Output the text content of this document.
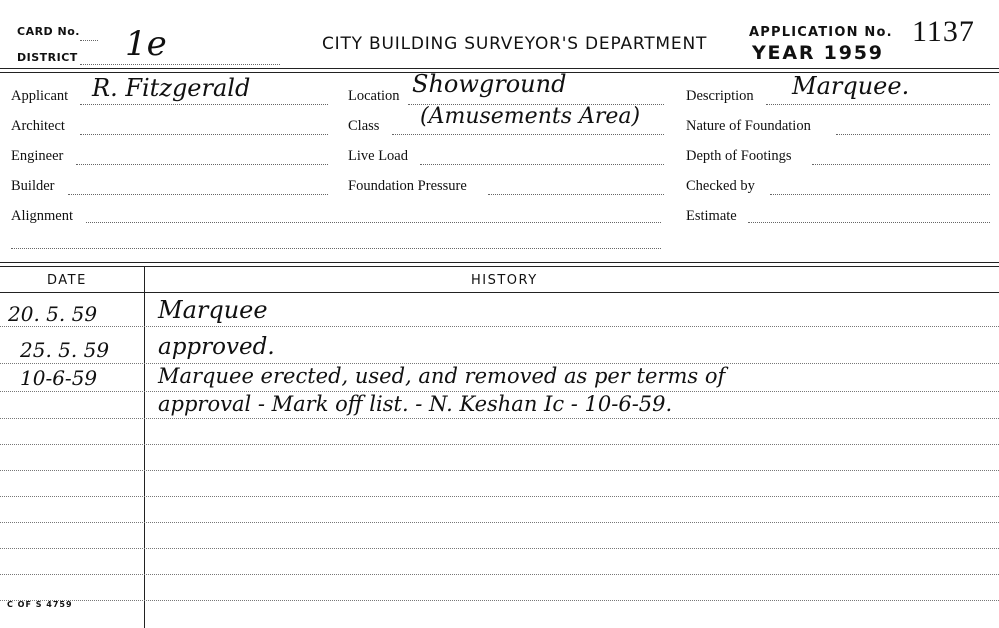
CARD No.
DISTRICT 1e	CITY BUILDING SURVEYOR'S DEPARTMENT
APPLICATION No.
YEAR 1959
1137
Applicant R. Fitzgerald
Architect
Engineer
Builder
Alignment
Location Showground
Class (Amusements Area)
Live Load
Foundation Pressure
Description Marquee.
Nature of Foundation
Depth of Footings
Checked by
Estimate
DATE	HISTORY
20. 5. 59	Marquee
25. 5. 59 approved.
10-6-59	Marquee erected, used, and removed as per terms of
approval - Mark off list. - N. Keshan Ic - 10-6-59.
C OF S 4759
